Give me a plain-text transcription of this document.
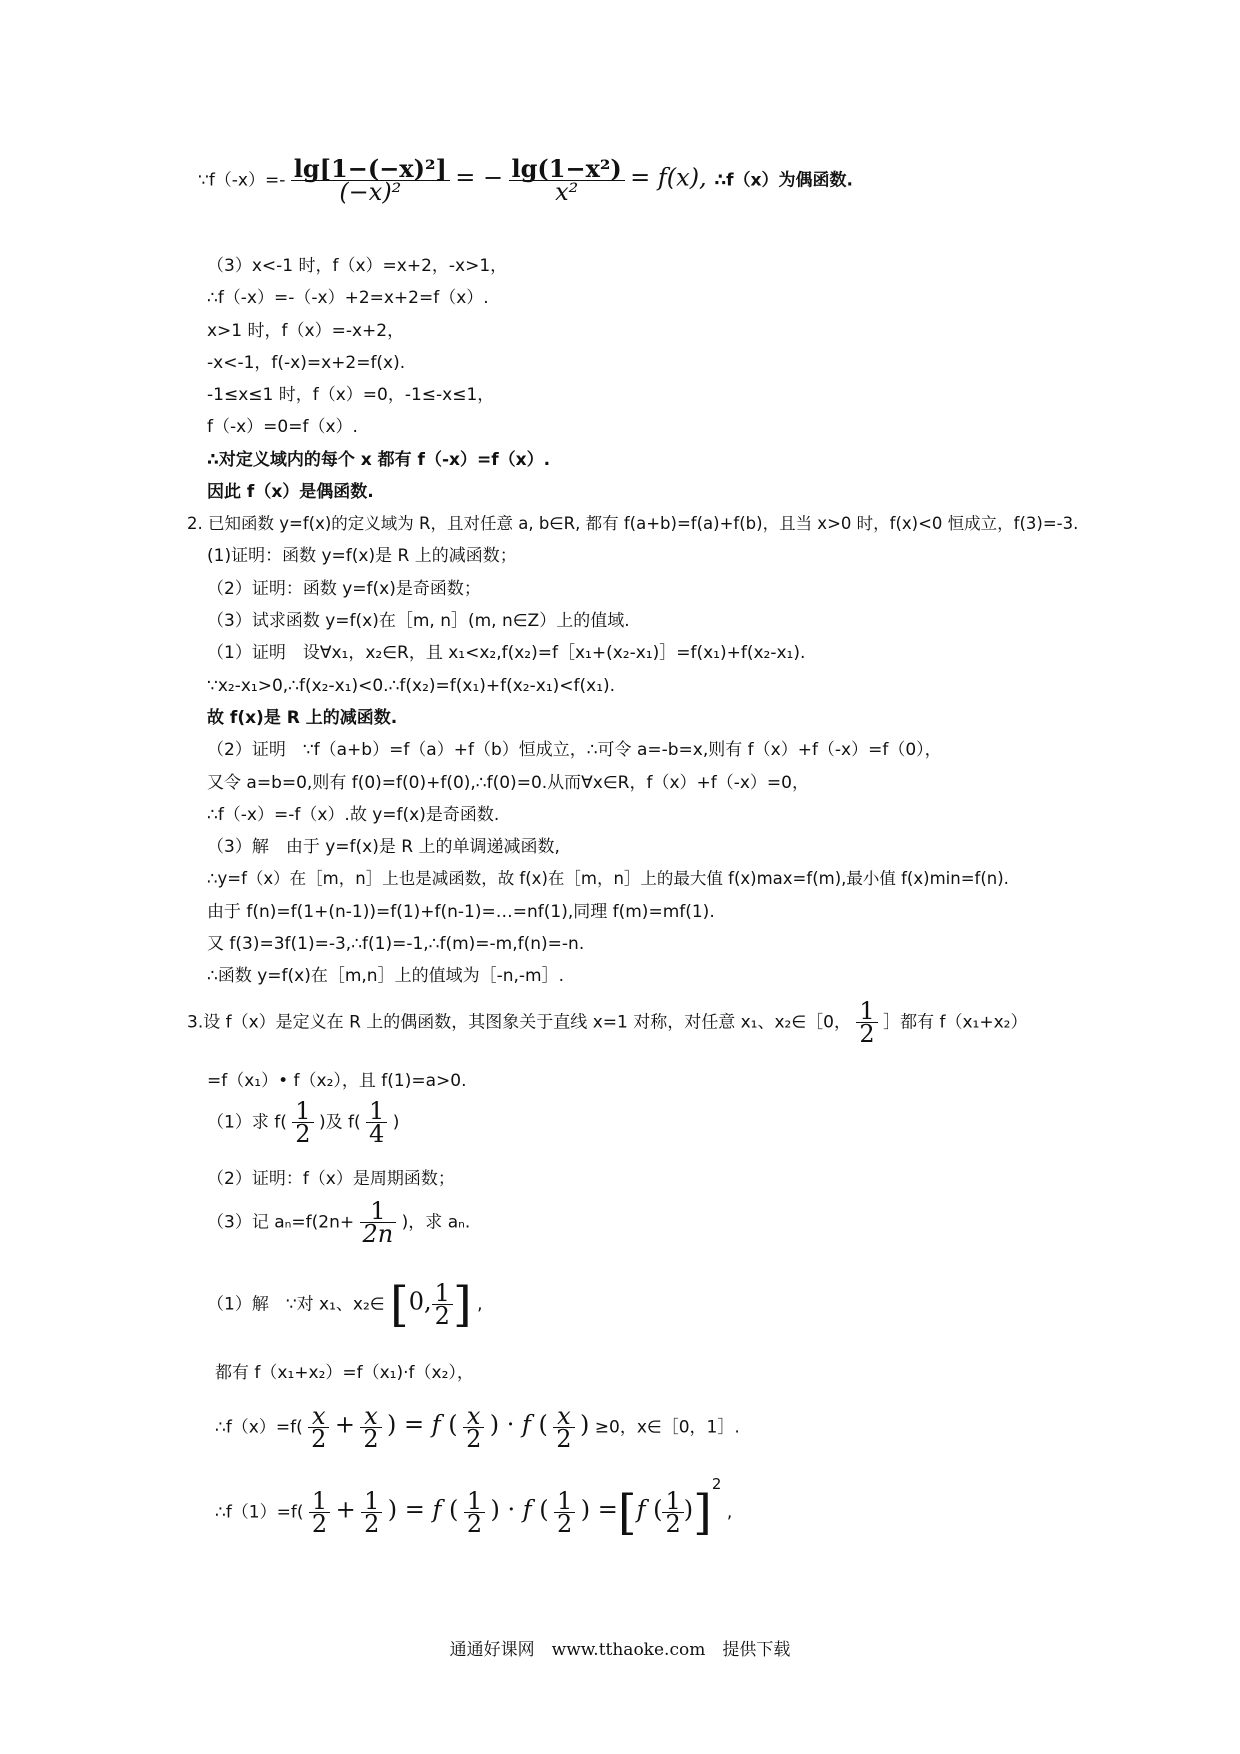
∵f（-x）=- $\frac{\text{lg[1−(−x)²]}}{\text{(−x)²}}$ = − $\frac{\text{lg(1−x²)}}{\text{x²}} = f(x)$, ∴f（x）为偶函数.
（3）x<-1 时，f（x）=x+2，-x>1，
∴f（-x）=-（-x）+2=x+2=f（x）.
x>1 时，f（x）=-x+2，
-x<-1，f(-x)=x+2=f(x).
-1≤x≤1 时，f（x）=0，-1≤-x≤1，
f（-x）=0=f（x）.
∴对定义域内的每个 x 都有 f（-x）=f（x）.
因此 f（x）是偶函数.
2. 已知函数 y=f(x)的定义域为 R，且对任意 a, b∈R, 都有 f(a+b)=f(a)+f(b)，且当 x>0 时，f(x)<0 恒成立，f(3)=-3.
(1)证明：函数 y=f(x)是 R 上的减函数；
（2）证明：函数 y=f(x)是奇函数；
（3）试求函数 y=f(x)在［m, n］(m, n∈Z）上的值域.
（1）证明　设∀x₁，x₂∈R，且 x₁<x₂,f(x₂)=f［x₁+(x₂-x₁)］=f(x₁)+f(x₂-x₁).
∵x₂-x₁>0,∴f(x₂-x₁)<0.∴f(x₂)=f(x₁)+f(x₂-x₁)<f(x₁).
故 f(x)是 R 上的减函数.
（2）证明　∵f（a+b）=f（a）+f（b）恒成立，∴可令 a=-b=x,则有 f（x）+f（-x）=f（0），
又令 a=b=0,则有 f(0)=f(0)+f(0),∴f(0)=0.从而∀x∈R，f（x）+f（-x）=0，
∴f（-x）=-f（x）.故 y=f(x)是奇函数.
（3）解　由于 y=f(x)是 R 上的单调递减函数,
∴y=f（x）在［m，n］上也是减函数，故 f(x)在［m，n］上的最大值 f(x)max=f(m),最小值 f(x)min=f(n).
由于 f(n)=f(1+(n-1))=f(1)+f(n-1)=…=nf(1),同理 f(m)=mf(1).
又 f(3)=3f(1)=-3,∴f(1)=-1,∴f(m)=-m,f(n)=-n.
∴函数 y=f(x)在［m,n］上的值域为［-n,-m］.
3.设 f（x）是定义在 R 上的偶函数，其图象关于直线 x=1 对称，对任意 x₁、x₂∈［0， $\frac{1}{2}$ ］都有 f（x₁+x₂）
=f（x₁）• f（x₂），且 f(1)=a>0.
（1）求 $f( \frac{1}{2}$ )及 $f( \frac{1}{4}$ )
（2）证明：f（x）是周期函数；
（3）记 $a_n=f(2n+ \frac{1}{2n}$ )，求 aₙ.
（1）解　∵对 x₁、x₂∈ [0, $\frac{1}{2}$ ] ,
都有 f（x₁+x₂）=f（x₁)·f（x₂），
∴f（x）=f( $\frac{x}{2} + \frac{x}{2}$ ) = f ( $\frac{x}{2}$ ) · f ( $\frac{x}{2}$ ) ≥0，x∈［0，1］.
∴f（1）=f( $\frac{1}{2} + \frac{1}{2}$ ) = f ( $\frac{1}{2}$ ) · f ( $\frac{1}{2}$ ) =[f ( $\frac{1}{2} )]2$ ,
通通好课网　www.tthaoke.com　提供下载
